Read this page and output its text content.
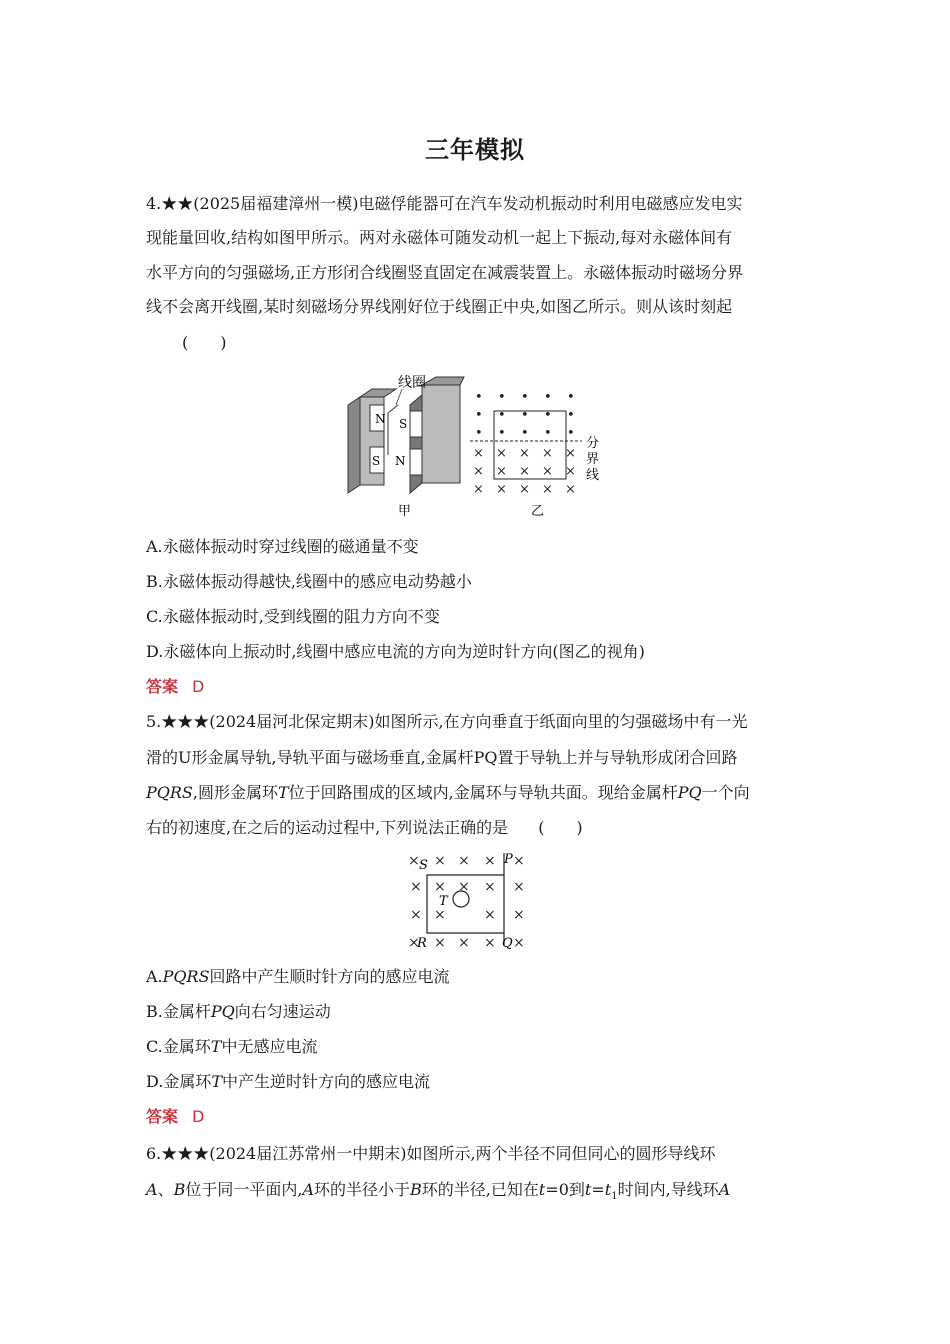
三年模拟
4.★★(2025届福建漳州一模)电磁俘能器可在汽车发动机振动时利用电磁感应发电实
现能量回收,结构如图甲所示。两对永磁体可随发动机一起上下振动,每对永磁体间有
水平方向的匀强磁场,正方形闭合线圈竖直固定在减震装置上。永磁体振动时磁场分界
线不会离开线圈,某时刻磁场分界线刚好位于线圈正中央,如图乙所示。则从该时刻起
(　　)
N
S
S
N
线圈
甲
• • • • •
• • • • •
• • • • •
× × × × ×
× × × × ×
× × × × ×
分
界
线
乙
A.永磁体振动时穿过线圈的磁通量不变
B.永磁体振动得越快,线圈中的感应电动势越小
C.永磁体振动时,受到线圈的阻力方向不变
D.永磁体向上振动时,线圈中感应电流的方向为逆时针方向(图乙的视角)
答案 D
5.★★★(2024届河北保定期末)如图所示,在方向垂直于纸面向里的匀强磁场中有一光
滑的U形金属导轨,导轨平面与磁场垂直,金属杆PQ置于导轨上并与导轨形成闭合回路
PQRS,圆形金属环T位于回路围成的区域内,金属环与导轨共面。现给金属杆PQ一个向
右的初速度,在之后的运动过程中,下列说法正确的是 (　　)
× × × × ×
× × × × ×
× ×	× ×
× × × × ×
S	P
R	Q
T
A.PQRS回路中产生顺时针方向的感应电流
B.金属杆PQ向右匀速运动
C.金属环T中无感应电流
D.金属环T中产生逆时针方向的感应电流
答案 D
6.★★★(2024届江苏常州一中期末)如图所示,两个半径不同但同心的圆形导线环
A、B位于同一平面内,A环的半径小于B环的半径,已知在t=0到$t=t_1$时间内,导线环A
